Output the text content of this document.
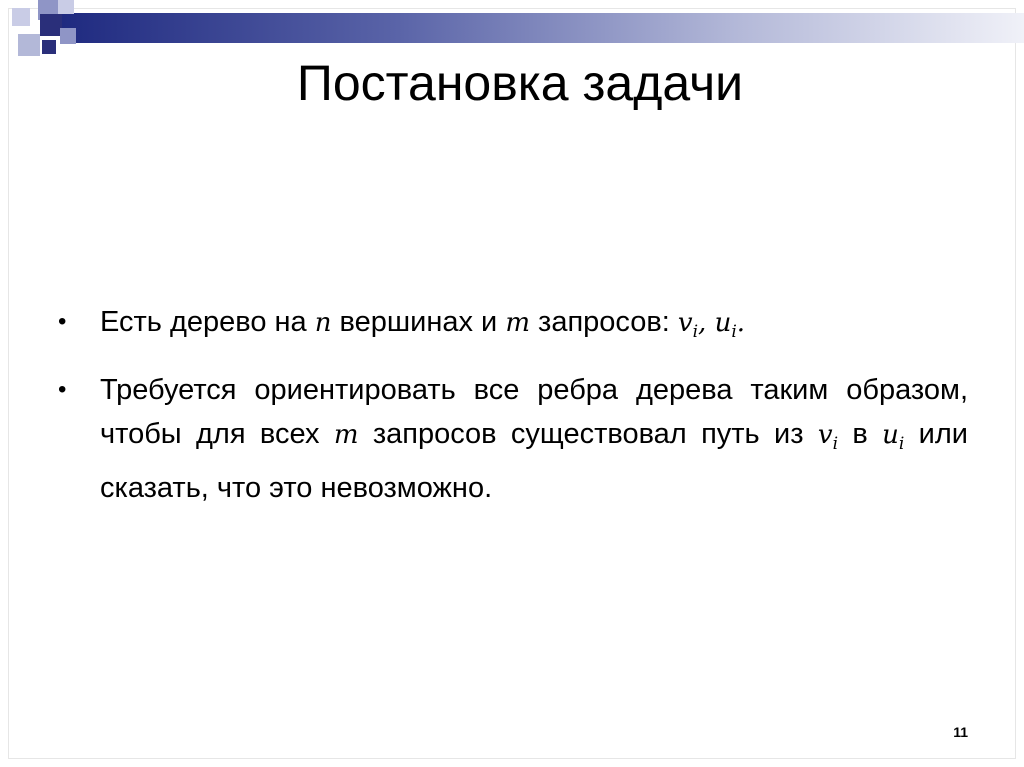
Постановка задачи
• Есть дерево на n вершинах и m запросов: $v_i$, $u_i$.
• Требуется ориентировать все ребра дерева таким образом, чтобы для всех m запросов существовал путь из $v_i$ в $u_i$ или сказать, что это невозможно.
11
